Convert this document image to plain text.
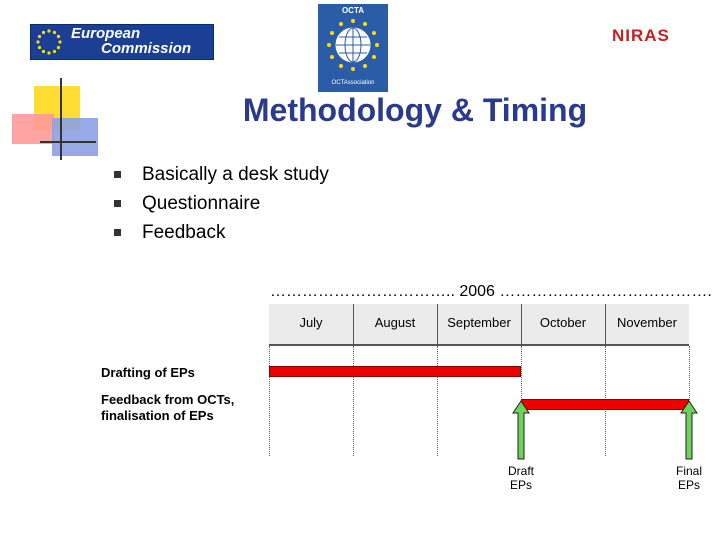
European
Commission
OCTA
OCTAssociation
NIRAS
Methodology & Timing
Basically a desk study
Questionnaire
Feedback
…………………………….. 2006 ………………………………….
July	August	September	October	November
Draft
EPs
Final
EPs
Drafting of EPs
Feedback from OCTs,
finalisation of EPs
